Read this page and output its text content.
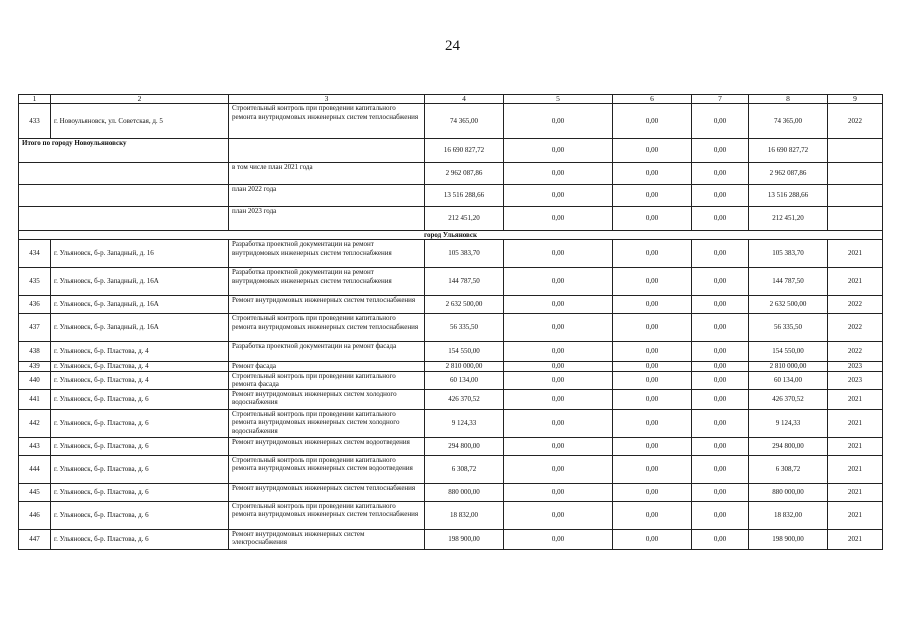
24
1	2	3	4	5	6	7	8	9
433	г. Новоульяновск, ул. Советская, д. 5	Строительный контроль при проведении капитального ремонта внутридомовых инженерных систем теплоснабжения	74 365,00	0,00	0,00	0,00	74 365,00	2022
Итого по городу Новоульяновску			16 690 827,72	0,00	0,00	0,00	16 690 827,72	
		в том числе план 2021 года	2 962 087,86	0,00	0,00	0,00	2 962 087,86	
		план 2022 года	13 516 288,66	0,00	0,00	0,00	13 516 288,66	
		план 2023 года	212 451,20	0,00	0,00	0,00	212 451,20	
город Ульяновск								
434	г. Ульяновск, б-р. Западный, д. 16	Разработка проектной документации на ремонт внутридомовых инженерных систем теплоснабжения	105 383,70	0,00	0,00	0,00	105 383,70	2021
435	г. Ульяновск, б-р. Западный, д. 16А	Разработка проектной документации на ремонт внутридомовых инженерных систем теплоснабжения	144 787,50	0,00	0,00	0,00	144 787,50	2021
436	г. Ульяновск, б-р. Западный, д. 16А	Ремонт внутридомовых инженерных систем теплоснабжения	2 632 500,00	0,00	0,00	0,00	2 632 500,00	2022
437	г. Ульяновск, б-р. Западный, д. 16А	Строительный контроль при проведении капитального ремонта внутридомовых инженерных систем теплоснабжения	56 335,50	0,00	0,00	0,00	56 335,50	2022
438	г. Ульяновск, б-р. Пластова, д. 4	Разработка проектной документации на ремонт фасада	154 550,00	0,00	0,00	0,00	154 550,00	2022
439	г. Ульяновск, б-р. Пластова, д. 4	Ремонт фасада	2 810 000,00	0,00	0,00	0,00	2 810 000,00	2023
440	г. Ульяновск, б-р. Пластова, д. 4	Строительный контроль при проведении капитального ремонта фасада	60 134,00	0,00	0,00	0,00	60 134,00	2023
441	г. Ульяновск, б-р. Пластова, д. 6	Ремонт внутридомовых инженерных систем холодного водоснабжения	426 370,52	0,00	0,00	0,00	426 370,52	2021
442	г. Ульяновск, б-р. Пластова, д. 6	Строительный контроль при проведении капитального ремонта внутридомовых инженерных систем холодного водоснабжения	9 124,33	0,00	0,00	0,00	9 124,33	2021
443	г. Ульяновск, б-р. Пластова, д. 6	Ремонт внутридомовых инженерных систем водоотведения	294 800,00	0,00	0,00	0,00	294 800,00	2021
444	г. Ульяновск, б-р. Пластова, д. 6	Строительный контроль при проведении капитального ремонта внутридомовых инженерных систем водоотведения	6 308,72	0,00	0,00	0,00	6 308,72	2021
445	г. Ульяновск, б-р. Пластова, д. 6	Ремонт внутридомовых инженерных систем теплоснабжения	880 000,00	0,00	0,00	0,00	880 000,00	2021
446	г. Ульяновск, б-р. Пластова, д. 6	Строительный контроль при проведении капитального ремонта внутридомовых инженерных систем теплоснабжения	18 832,00	0,00	0,00	0,00	18 832,00	2021
447	г. Ульяновск, б-р. Пластова, д. 6	Ремонт внутридомовых инженерных систем электроснабжения	198 900,00	0,00	0,00	0,00	198 900,00	2021
